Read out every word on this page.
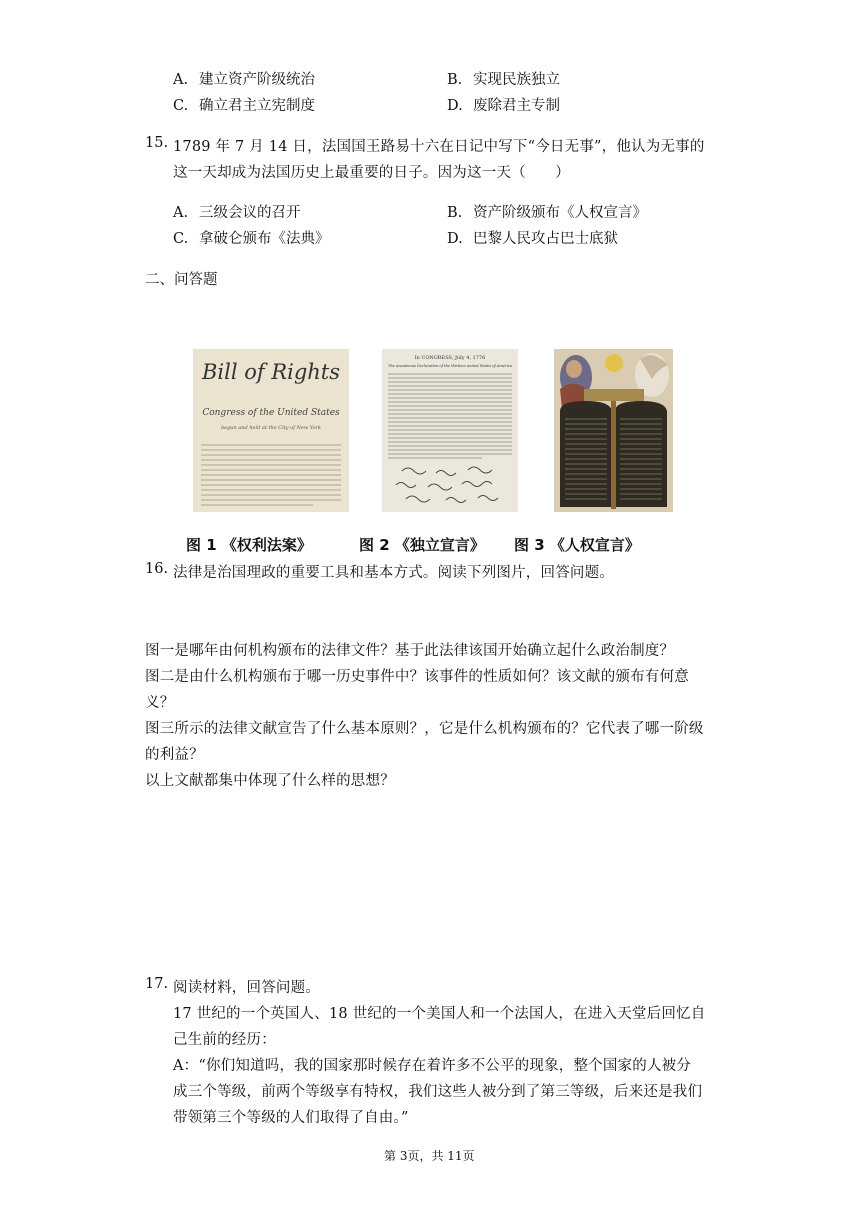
A. 建立资产阶级统治	B. 实现民族独立
C. 确立君主立宪制度	D. 废除君主专制
15. 1789 年 7 月 14 日，法国国王路易十六在日记中写下“今日无事”，他认为无事的
这一天却成为法国历史上最重要的日子。因为这一天（　　）
A. 三级会议的召开	B. 资产阶级颁布《人权宣言》
C. 拿破仑颁布《法典》	D. 巴黎人民攻占巴士底狱
二、问答题
Bill of Rights
Congress of the United States
begun and held at the City of New York
In CONGRESS, July 4, 1776
The unanimous Declaration of the thirteen united States of America
图 1 《权利法案》	图 2 《独立宣言》 图 3 《人权宣言》
16. 法律是治国理政的重要工具和基本方式。阅读下列图片，回答问题。
图一是哪年由何机构颁布的法律文件？基于此法律该国开始确立起什么政治制度？
图二是由什么机构颁布于哪一历史事件中？该事件的性质如何？该文献的颁布有何意
义？
图三所示的法律文献宣告了什么基本原则？，它是什么机构颁布的？它代表了哪一阶级
的利益？
以上文献都集中体现了什么样的思想？
17. 阅读材料，回答问题。
17 世纪的一个英国人、18 世纪的一个美国人和一个法国人，在进入天堂后回忆自
己生前的经历：
A：“你们知道吗，我的国家那时候存在着许多不公平的现象，整个国家的人被分
成三个等级，前两个等级享有特权，我们这些人被分到了第三等级，后来还是我们
带领第三个等级的人们取得了自由。”
第 3页，共 11页
